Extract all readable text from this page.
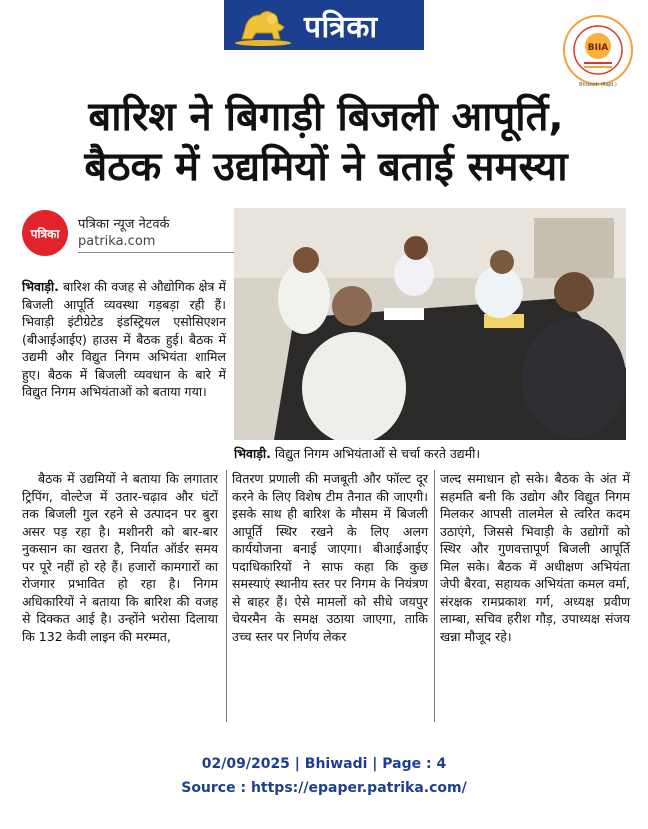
पत्रिका
BIIA
Bhiwadi (Rajd.)
बारिश ने बिगाड़ी बिजली आपूर्ति,
बैठक में उद्यमियों ने बताई समस्या
पत्रिका
पत्रिका न्यूज नेटवर्क
patrika.com

भिवाड़ी. बारिश की वजह से औद्योगिक क्षेत्र में बिजली आपूर्ति व्यवस्था गड़बड़ा रही हैं। भिवाड़ी इंटीग्रेटेड इंडस्ट्रियल एसोसिएशन (बीआईआईए) हाउस में बैठक हुई। बैठक में उद्यमी और विद्युत निगम अभियंता शामिल हुए। बैठक में बिजली व्यवधान के बारे में विद्युत निगम अभियंताओं को बताया गया।

भिवाड़ी. विद्युत निगम अभियंताओं से चर्चा करते उद्यमी।

बैठक में उद्यमियों ने बताया कि लगातार ट्रिपिंग, वोल्टेज में उतार-चढ़ाव और घंटों तक बिजली गुल रहने से उत्पादन पर बुरा असर पड़ रहा है। मशीनरी को बार-बार नुकसान का खतरा है, निर्यात ऑर्डर समय पर पूरे नहीं हो रहे हैं। हजारों कामगारों का रोजगार प्रभावित हो रहा है। निगम अधिकारियों ने बताया कि बारिश की वजह से दिक्कत आई है। उन्होंने भरोसा दिलाया कि 132 केवी लाइन की मरम्मत,

वितरण प्रणाली की मजबूती और फॉल्ट दूर करने के लिए विशेष टीम तैनात की जाएगी। इसके साथ ही बारिश के मौसम में बिजली आपूर्ति स्थिर रखने के लिए अलग कार्ययोजना बनाई जाएगा। बीआईआईए पदाधिकारियों ने साफ कहा कि कुछ समस्याएं स्थानीय स्तर पर निगम के नियंत्रण से बाहर हैं। ऐसे मामलों को सीधे जयपुर चेयरमैन के समक्ष उठाया जाएगा, ताकि उच्च स्तर पर निर्णय लेकर

जल्द समाधान हो सके। बैठक के अंत में सहमति बनी कि उद्योग और विद्युत निगम मिलकर आपसी तालमेल से त्वरित कदम उठाएंगे, जिससे भिवाड़ी के उद्योगों को स्थिर और गुणवत्तापूर्ण बिजली आपूर्ति मिल सके। बैठक में अधीक्षण अभियंता जेपी बैरवा, सहायक अभियंता कमल वर्मा, संरक्षक रामप्रकाश गर्ग, अध्यक्ष प्रवीण लाम्बा, सचिव हरीश गौड़, उपाध्यक्ष संजय खन्ना मौजूद रहे।

02/09/2025 | Bhiwadi | Page : 4
Source : https://epaper.patrika.com/
